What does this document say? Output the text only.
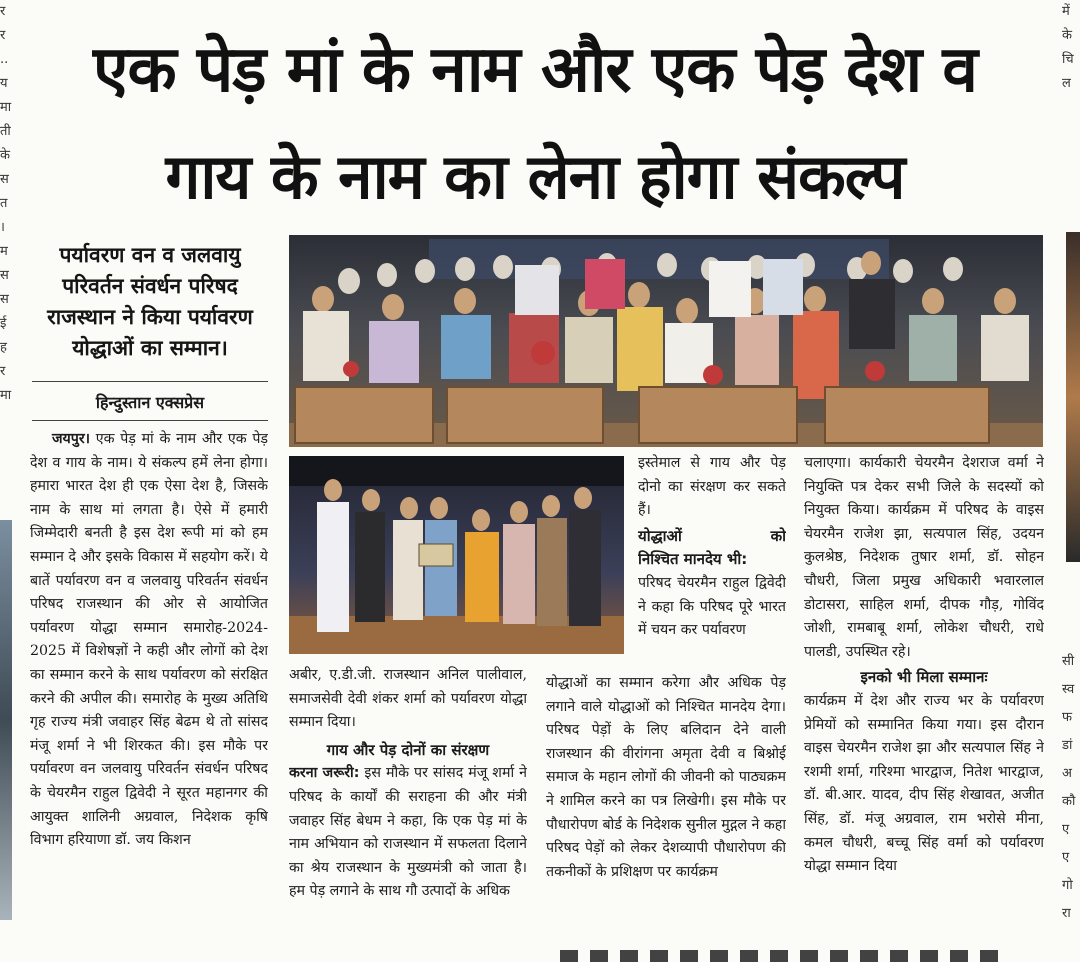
एक पेड़ मां के नाम और एक पेड़ देश व
गाय के नाम का लेना होगा संकल्प
र
र
..
य
मा
ती
के
स
त
।
म
स
स
ई
ह
र
मा
में
के
चि
ल
सी
स्व
फ
डां
अ
कौ
ए
ए
गो
रा
पर्यावरण वन व जलवायु
परिवर्तन संवर्धन परिषद
राजस्थान ने किया पर्यावरण
योद्धाओं का सम्मान।
हिन्दुस्तान एक्सप्रेस

जयपुर। एक पेड़ मां के नाम और एक पेड़ देश व गाय के नाम। ये संकल्प हमें लेना होगा। हमारा भारत देश ही एक ऐसा देश है, जिसके नाम के साथ मां लगता है। ऐसे में हमारी जिम्मेदारी बनती है इस देश रूपी मां को हम सम्मान दे और इसके विकास में सहयोग करें। ये बातें पर्यावरण वन व जलवायु परिवर्तन संवर्धन परिषद राजस्थान की ओर से आयोजित पर्यावरण योद्धा सम्मान समारोह-2024-2025 में विशेषज्ञों ने कही और लोगों को देश का सम्मान करने के साथ पर्यावरण को संरक्षित करने की अपील की। समारोह के मुख्य अतिथि गृह राज्य मंत्री जवाहर सिंह बेढम थे तो सांसद मंजू शर्मा ने भी शिरकत की। इस मौके पर पर्यावरण वन जलवायु परिवर्तन संवर्धन परिषद के चेयरमैन राहुल द्विवेदी ने सूरत महानगर की आयुक्त शालिनी अग्रवाल, निदेशक कृषि विभाग हरियाणा डॉ. जय किशन

अबीर, ए.डी.जी. राजस्थान अनिल पालीवाल, समाजसेवी देवी शंकर शर्मा को पर्यावरण योद्धा सम्मान दिया।

गाय और पेड़ दोनों का संरक्षण

करना जरूरी: इस मौके पर सांसद मंजू शर्मा ने परिषद के कार्यों की सराहना की और मंत्री जवाहर सिंह बेधम ने कहा, कि एक पेड़ मां के नाम अभियान को राजस्थान में सफलता दिलाने का श्रेय राजस्थान के मुख्यमंत्री को जाता है। हम पेड़ लगाने के साथ गौ उत्पादों के अधिक

इस्तेमाल से गाय और पेड़ दोनो का संरक्षण कर सकते हैं।

योद्धाओं को
निश्चित मानदेय भी:

परिषद चेयरमैन राहुल द्विवेदी ने कहा कि परिषद पूरे भारत में चयन कर पर्यावरण

योद्धाओं का सम्मान करेगा और अधिक पेड़ लगाने वाले योद्धाओं को निश्चित मानदेय देगा। परिषद पेड़ों के लिए बलिदान देने वाली राजस्थान की वीरांगना अमृता देवी व बिश्नोई समाज के महान लोगों की जीवनी को पाठ्यक्रम ने शामिल करने का पत्र लिखेगी। इस मौके पर पौधारोपण बोर्ड के निदेशक सुनील मुद्गल ने कहा परिषद पेड़ों को लेकर देशव्यापी पौधारोपण की तकनीकों के प्रशिक्षण पर कार्यक्रम

चलाएगा। कार्यकारी चेयरमैन देशराज वर्मा ने नियुक्ति पत्र देकर सभी जिले के सदस्यों को नियुक्त किया। कार्यक्रम में परिषद के वाइस चेयरमैन राजेश झा, सत्यपाल सिंह, उदयन कुलश्रेष्ठ, निदेशक तुषार शर्मा, डॉ. सोहन चौधरी, जिला प्रमुख अधिकारी भवारलाल डोटासरा, साहिल शर्मा, दीपक गौड़, गोविंद जोशी, रामबाबू शर्मा, लोकेश चौधरी, राधे पालडी, उपस्थित रहे।

इनको भी मिला सम्मानः

कार्यक्रम में देश और राज्य भर के पर्यावरण प्रेमियों को सम्मानित किया गया। इस दौरान वाइस चेयरमैन राजेश झा और सत्यपाल सिंह ने रशमी शर्मा, गरिश्मा भारद्वाज, नितेश भारद्वाज, डॉ. बी.आर. यादव, दीप सिंह शेखावत, अजीत सिंह, डॉ. मंजू अग्रवाल, राम भरोसे मीना, कमल चौधरी, बच्चू सिंह वर्मा को पर्यावरण योद्धा सम्मान दिया
